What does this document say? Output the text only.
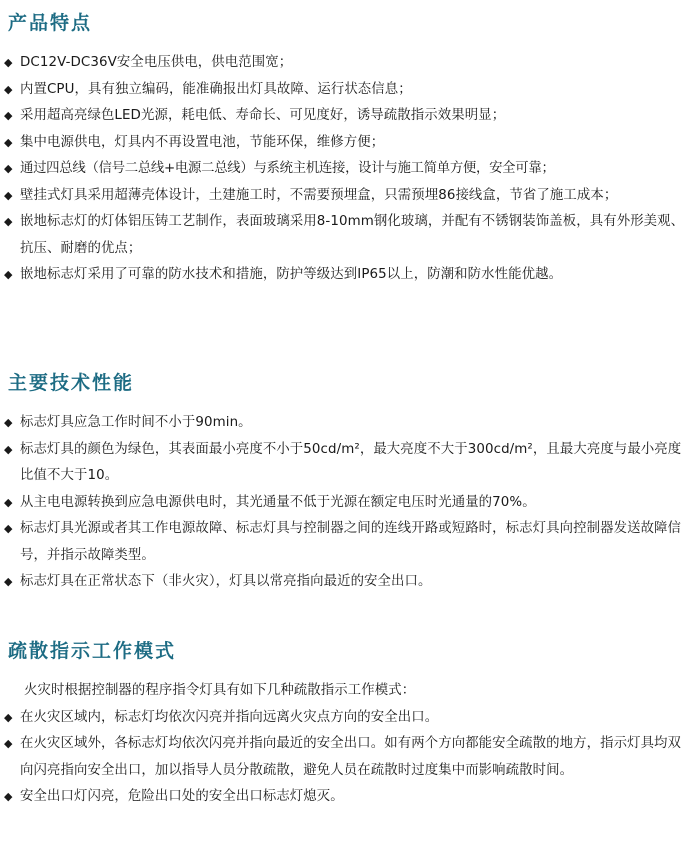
产品特点
◆ DC12V-DC36V安全电压供电，供电范围宽；
◆ 内置CPU，具有独立编码，能准确报出灯具故障、运行状态信息；
◆ 采用超高亮绿色LED光源，耗电低、寿命长、可见度好，诱导疏散指示效果明显；
◆ 集中电源供电，灯具内不再设置电池，节能环保，维修方便；
◆ 通过四总线（信号二总线+电源二总线）与系统主机连接，设计与施工简单方便，安全可靠；
◆ 壁挂式灯具采用超薄壳体设计，土建施工时，不需要预埋盒，只需预埋86接线盒，节省了施工成本；
◆ 嵌地标志灯的灯体铝压铸工艺制作，表面玻璃采用8-10mm钢化玻璃，并配有不锈钢装饰盖板，具有外形美观、抗压、耐磨的优点；
◆ 嵌地标志灯采用了可靠的防水技术和措施，防护等级达到IP65以上，防潮和防水性能优越。
主要技术性能
◆ 标志灯具应急工作时间不小于90min。
◆ 标志灯具的颜色为绿色，其表面最小亮度不小于50cd/m²，最大亮度不大于300cd/m²，且最大亮度与最小亮度比值不大于10。
◆ 从主电电源转换到应急电源供电时，其光通量不低于光源在额定电压时光通量的70%。
◆ 标志灯具光源或者其工作电源故障、标志灯具与控制器之间的连线开路或短路时，标志灯具向控制器发送故障信号，并指示故障类型。
◆ 标志灯具在正常状态下（非火灾），灯具以常亮指向最近的安全出口。
疏散指示工作模式
火灾时根据控制器的程序指令灯具有如下几种疏散指示工作模式：
◆ 在火灾区域内，标志灯均依次闪亮并指向远离火灾点方向的安全出口。
◆ 在火灾区域外，各标志灯均依次闪亮并指向最近的安全出口。如有两个方向都能安全疏散的地方，指示灯具均双向闪亮指向安全出口，加以指导人员分散疏散，避免人员在疏散时过度集中而影响疏散时间。
◆ 安全出口灯闪亮，危险出口处的安全出口标志灯熄灭。
